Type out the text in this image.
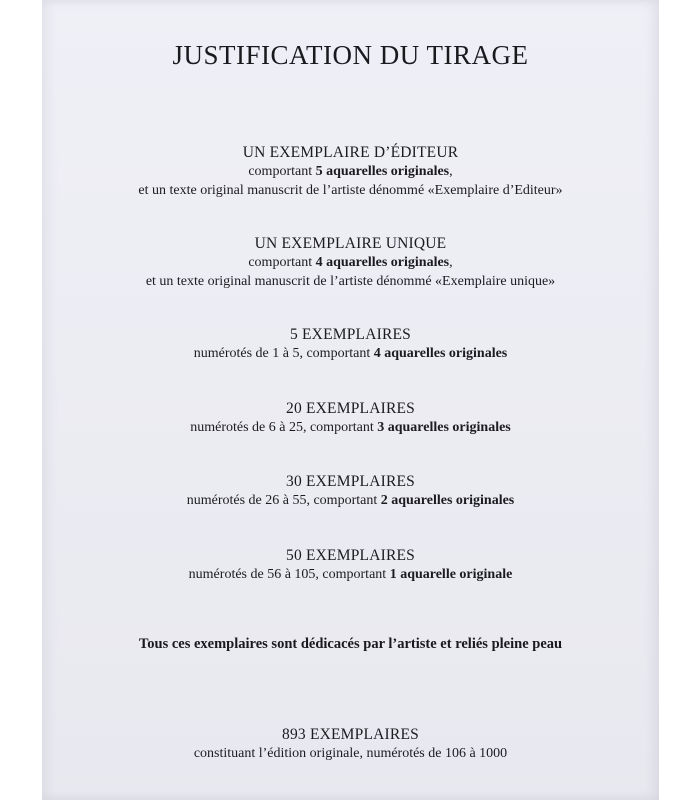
JUSTIFICATION DU TIRAGE
UN EXEMPLAIRE D’ÉDITEUR
comportant 5 aquarelles originales,
et un texte original manuscrit de l’artiste dénommé «Exemplaire d’Editeur»
UN EXEMPLAIRE UNIQUE
comportant 4 aquarelles originales,
et un texte original manuscrit de l’artiste dénommé «Exemplaire unique»
5 EXEMPLAIRES
numérotés de 1 à 5, comportant 4 aquarelles originales
20 EXEMPLAIRES
numérotés de 6 à 25, comportant 3 aquarelles originales
30 EXEMPLAIRES
numérotés de 26 à 55, comportant 2 aquarelles originales
50 EXEMPLAIRES
numérotés de 56 à 105, comportant 1 aquarelle originale
Tous ces exemplaires sont dédicacés par l’artiste et reliés pleine peau
893 EXEMPLAIRES
constituant l’édition originale, numérotés de 106 à 1000
